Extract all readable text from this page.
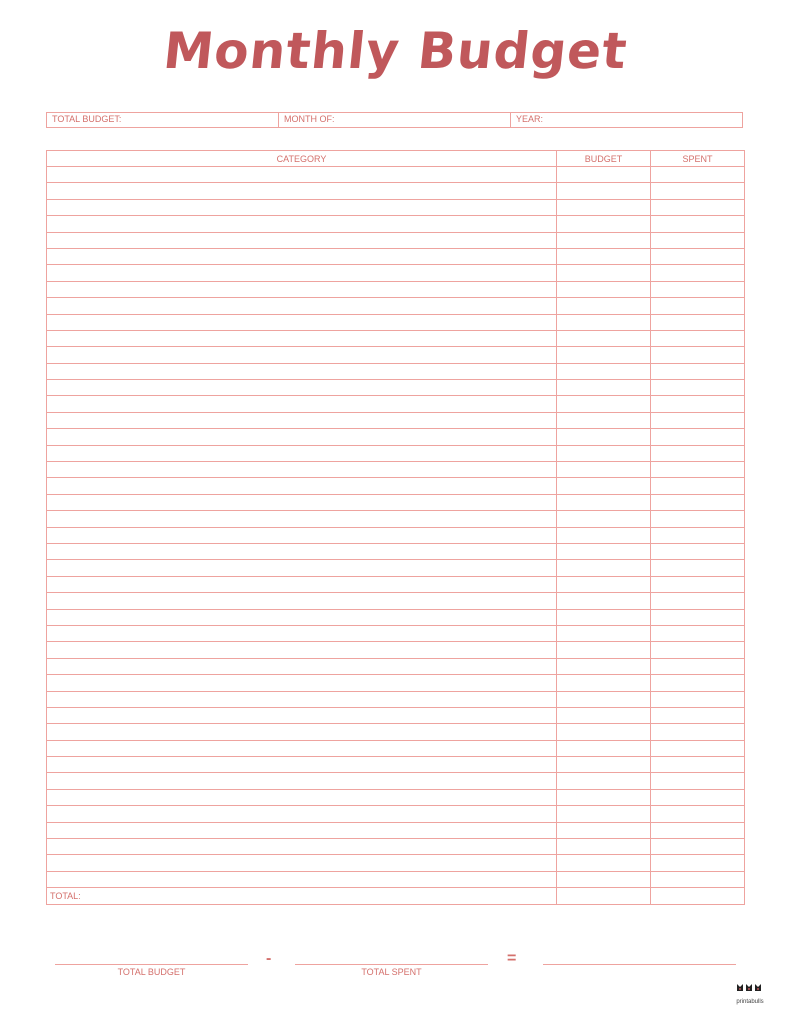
Monthly Budget
TOTAL BUDGET:	MONTH OF:	YEAR:
CATEGORY	BUDGET	SPENT

TOTAL:		
TOTAL BUDGET
-
TOTAL SPENT
=
printabulls
